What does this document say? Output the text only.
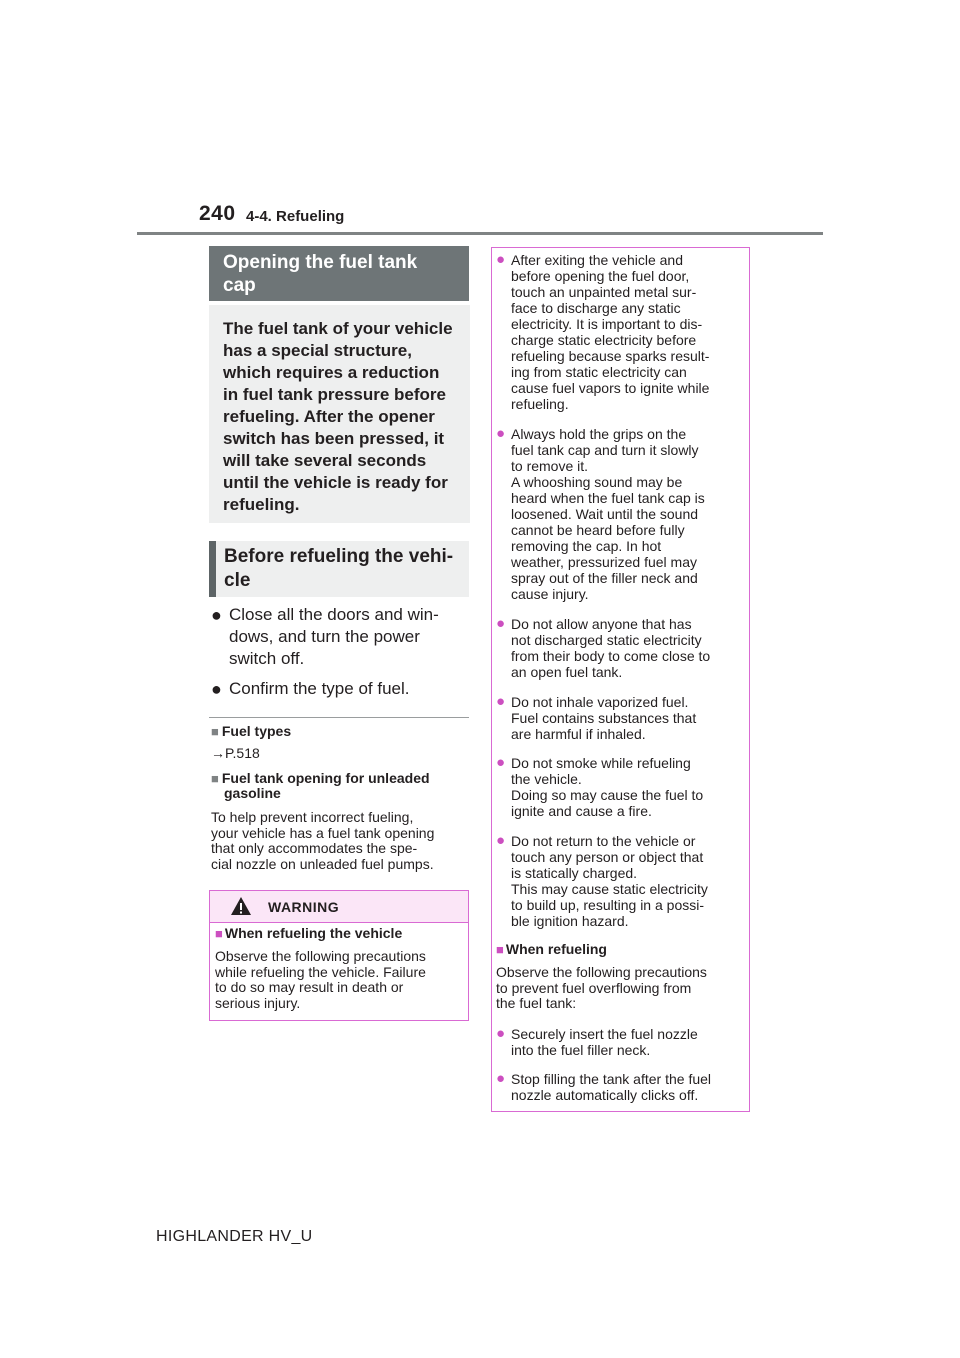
240 4-4. Refueling
Opening the fuel tank
cap
The fuel tank of your vehicle
has a special structure,
which requires a reduction
in fuel tank pressure before
refueling. After the opener
switch has been pressed, it
will take several seconds
until the vehicle is ready for
refueling.
Before refueling the vehi-
cle
● Close all the doors and win-
dows, and turn the power
switch off.
● Confirm the type of fuel.
■ Fuel types
→P.518
■ Fuel tank opening for unleaded
gasoline
To help prevent incorrect fueling,
your vehicle has a fuel tank opening
that only accommodates the spe-
cial nozzle on unleaded fuel pumps.
WARNING
■ When refueling the vehicle
Observe the following precautions
while refueling the vehicle. Failure
to do so may result in death or
serious injury.
● After exiting the vehicle and
before opening the fuel door,
touch an unpainted metal sur-
face to discharge any static
electricity. It is important to dis-
charge static electricity before
refueling because sparks result-
ing from static electricity can
cause fuel vapors to ignite while
refueling.
● Always hold the grips on the
fuel tank cap and turn it slowly
to remove it.
A whooshing sound may be
heard when the fuel tank cap is
loosened. Wait until the sound
cannot be heard before fully
removing the cap. In hot
weather, pressurized fuel may
spray out of the filler neck and
cause injury.
● Do not allow anyone that has
not discharged static electricity
from their body to come close to
an open fuel tank.
● Do not inhale vaporized fuel.
Fuel contains substances that
are harmful if inhaled.
● Do not smoke while refueling
the vehicle.
Doing so may cause the fuel to
ignite and cause a fire.
● Do not return to the vehicle or
touch any person or object that
is statically charged.
This may cause static electricity
to build up, resulting in a possi-
ble ignition hazard.
■ When refueling
Observe the following precautions
to prevent fuel overflowing from
the fuel tank:
● Securely insert the fuel nozzle
into the fuel filler neck.
● Stop filling the tank after the fuel
nozzle automatically clicks off.
HIGHLANDER HV_U
